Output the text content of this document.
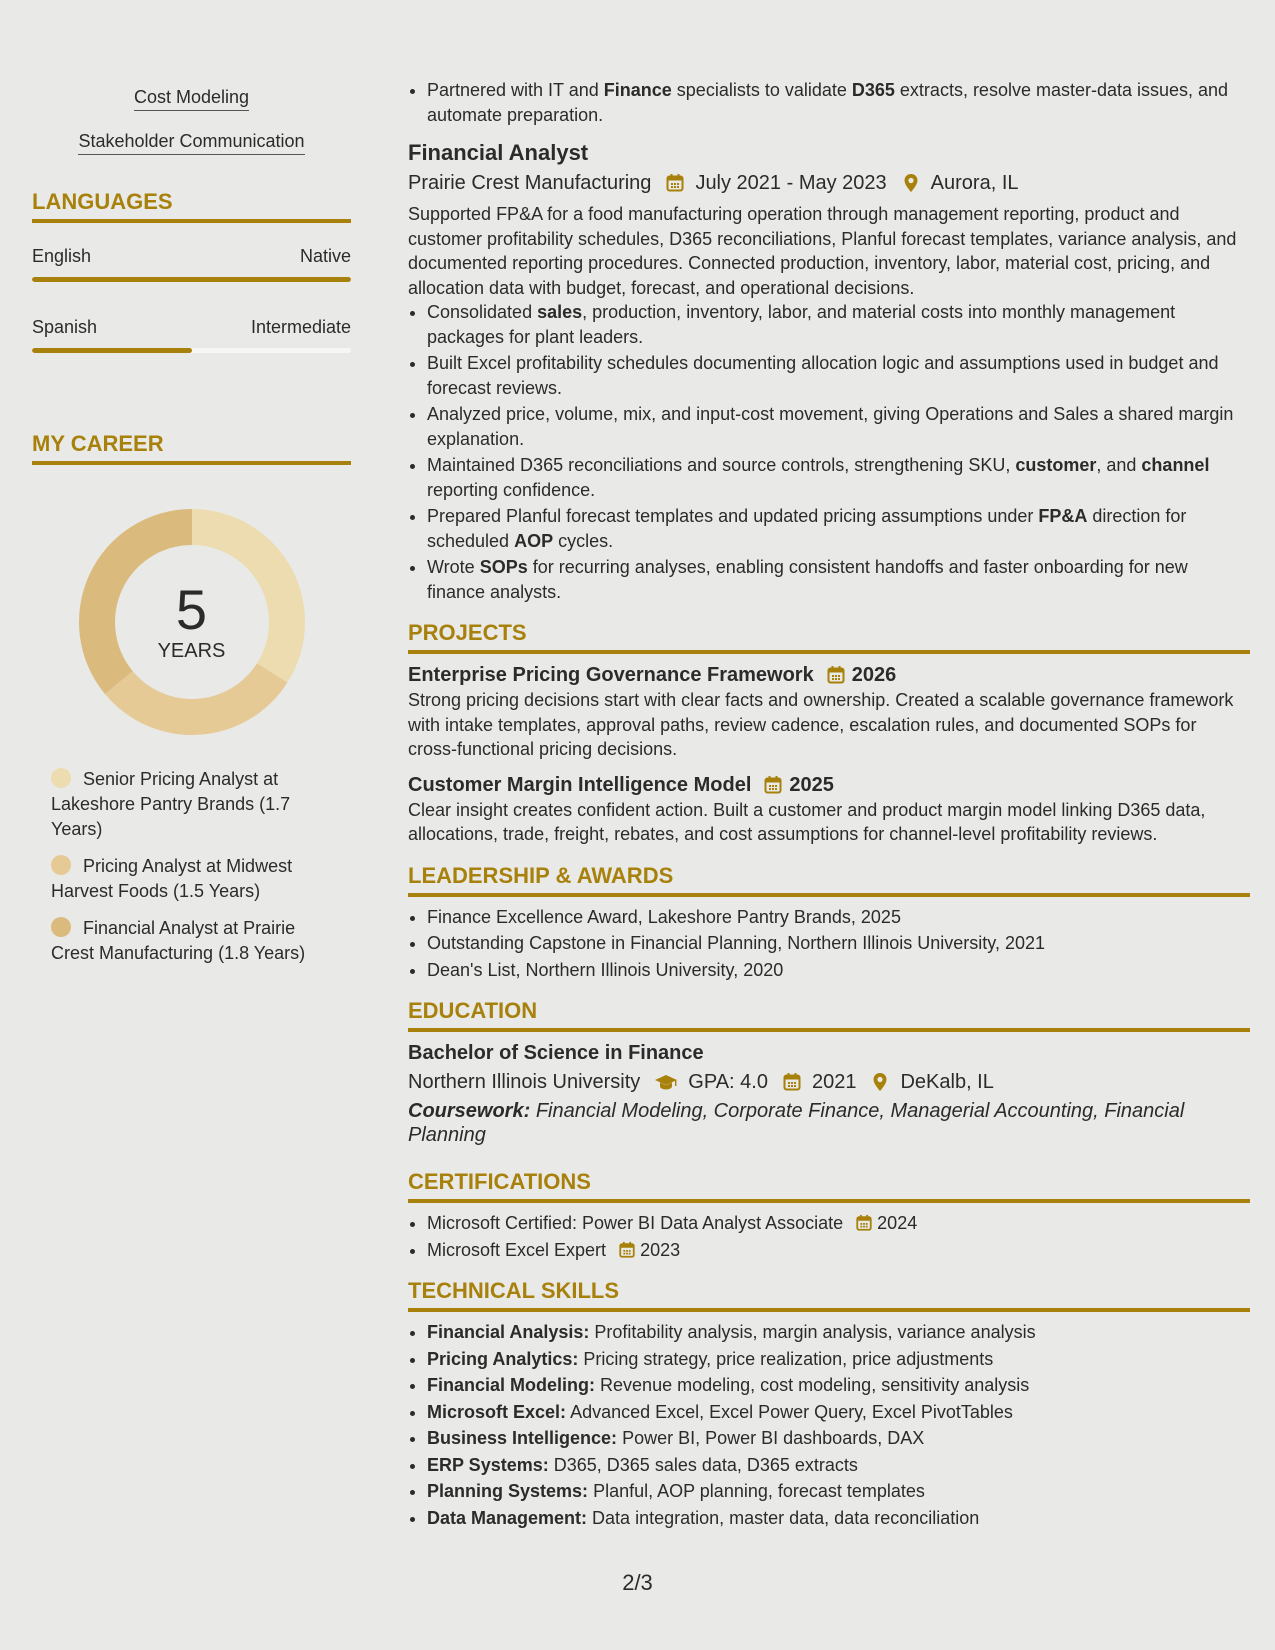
Cost Modeling
Stakeholder Communication
LANGUAGES
English	Native
Spanish	Intermediate
MY CAREER
5
YEARS
Senior Pricing Analyst at Lakeshore Pantry Brands (1.7 Years)
Pricing Analyst at Midwest Harvest Foods (1.5 Years)
Financial Analyst at Prairie Crest Manufacturing (1.8 Years)
• Partnered with IT and Finance specialists to validate D365 extracts, resolve master-data issues, and automate preparation.
Financial Analyst
Prairie Crest Manufacturing July 2021 - May 2023 Aurora, IL
Supported FP&A for a food manufacturing operation through management reporting, product and customer profitability schedules, D365 reconciliations, Planful forecast templates, variance analysis, and documented reporting procedures. Connected production, inventory, labor, material cost, pricing, and allocation data with budget, forecast, and operational decisions.
• Consolidated sales, production, inventory, labor, and material costs into monthly management packages for plant leaders.
• Built Excel profitability schedules documenting allocation logic and assumptions used in budget and forecast reviews.
• Analyzed price, volume, mix, and input-cost movement, giving Operations and Sales a shared margin explanation.
• Maintained D365 reconciliations and source controls, strengthening SKU, customer, and channel reporting confidence.
• Prepared Planful forecast templates and updated pricing assumptions under FP&A direction for scheduled AOP cycles.
• Wrote SOPs for recurring analyses, enabling consistent handoffs and faster onboarding for new finance analysts.
PROJECTS
Enterprise Pricing Governance Framework 2026
Strong pricing decisions start with clear facts and ownership. Created a scalable governance framework with intake templates, approval paths, review cadence, escalation rules, and documented SOPs for cross-functional pricing decisions.
Customer Margin Intelligence Model 2025
Clear insight creates confident action. Built a customer and product margin model linking D365 data, allocations, trade, freight, rebates, and cost assumptions for channel-level profitability reviews.
LEADERSHIP & AWARDS
• Finance Excellence Award, Lakeshore Pantry Brands, 2025
• Outstanding Capstone in Financial Planning, Northern Illinois University, 2021
• Dean's List, Northern Illinois University, 2020
EDUCATION
Bachelor of Science in Finance
Northern Illinois University GPA: 4.0 2021 DeKalb, IL
Coursework: Financial Modeling, Corporate Finance, Managerial Accounting, Financial Planning
CERTIFICATIONS
• Microsoft Certified: Power BI Data Analyst Associate 2024
• Microsoft Excel Expert 2023
TECHNICAL SKILLS
• Financial Analysis: Profitability analysis, margin analysis, variance analysis
• Pricing Analytics: Pricing strategy, price realization, price adjustments
• Financial Modeling: Revenue modeling, cost modeling, sensitivity analysis
• Microsoft Excel: Advanced Excel, Excel Power Query, Excel PivotTables
• Business Intelligence: Power BI, Power BI dashboards, DAX
• ERP Systems: D365, D365 sales data, D365 extracts
• Planning Systems: Planful, AOP planning, forecast templates
• Data Management: Data integration, master data, data reconciliation
2/3
